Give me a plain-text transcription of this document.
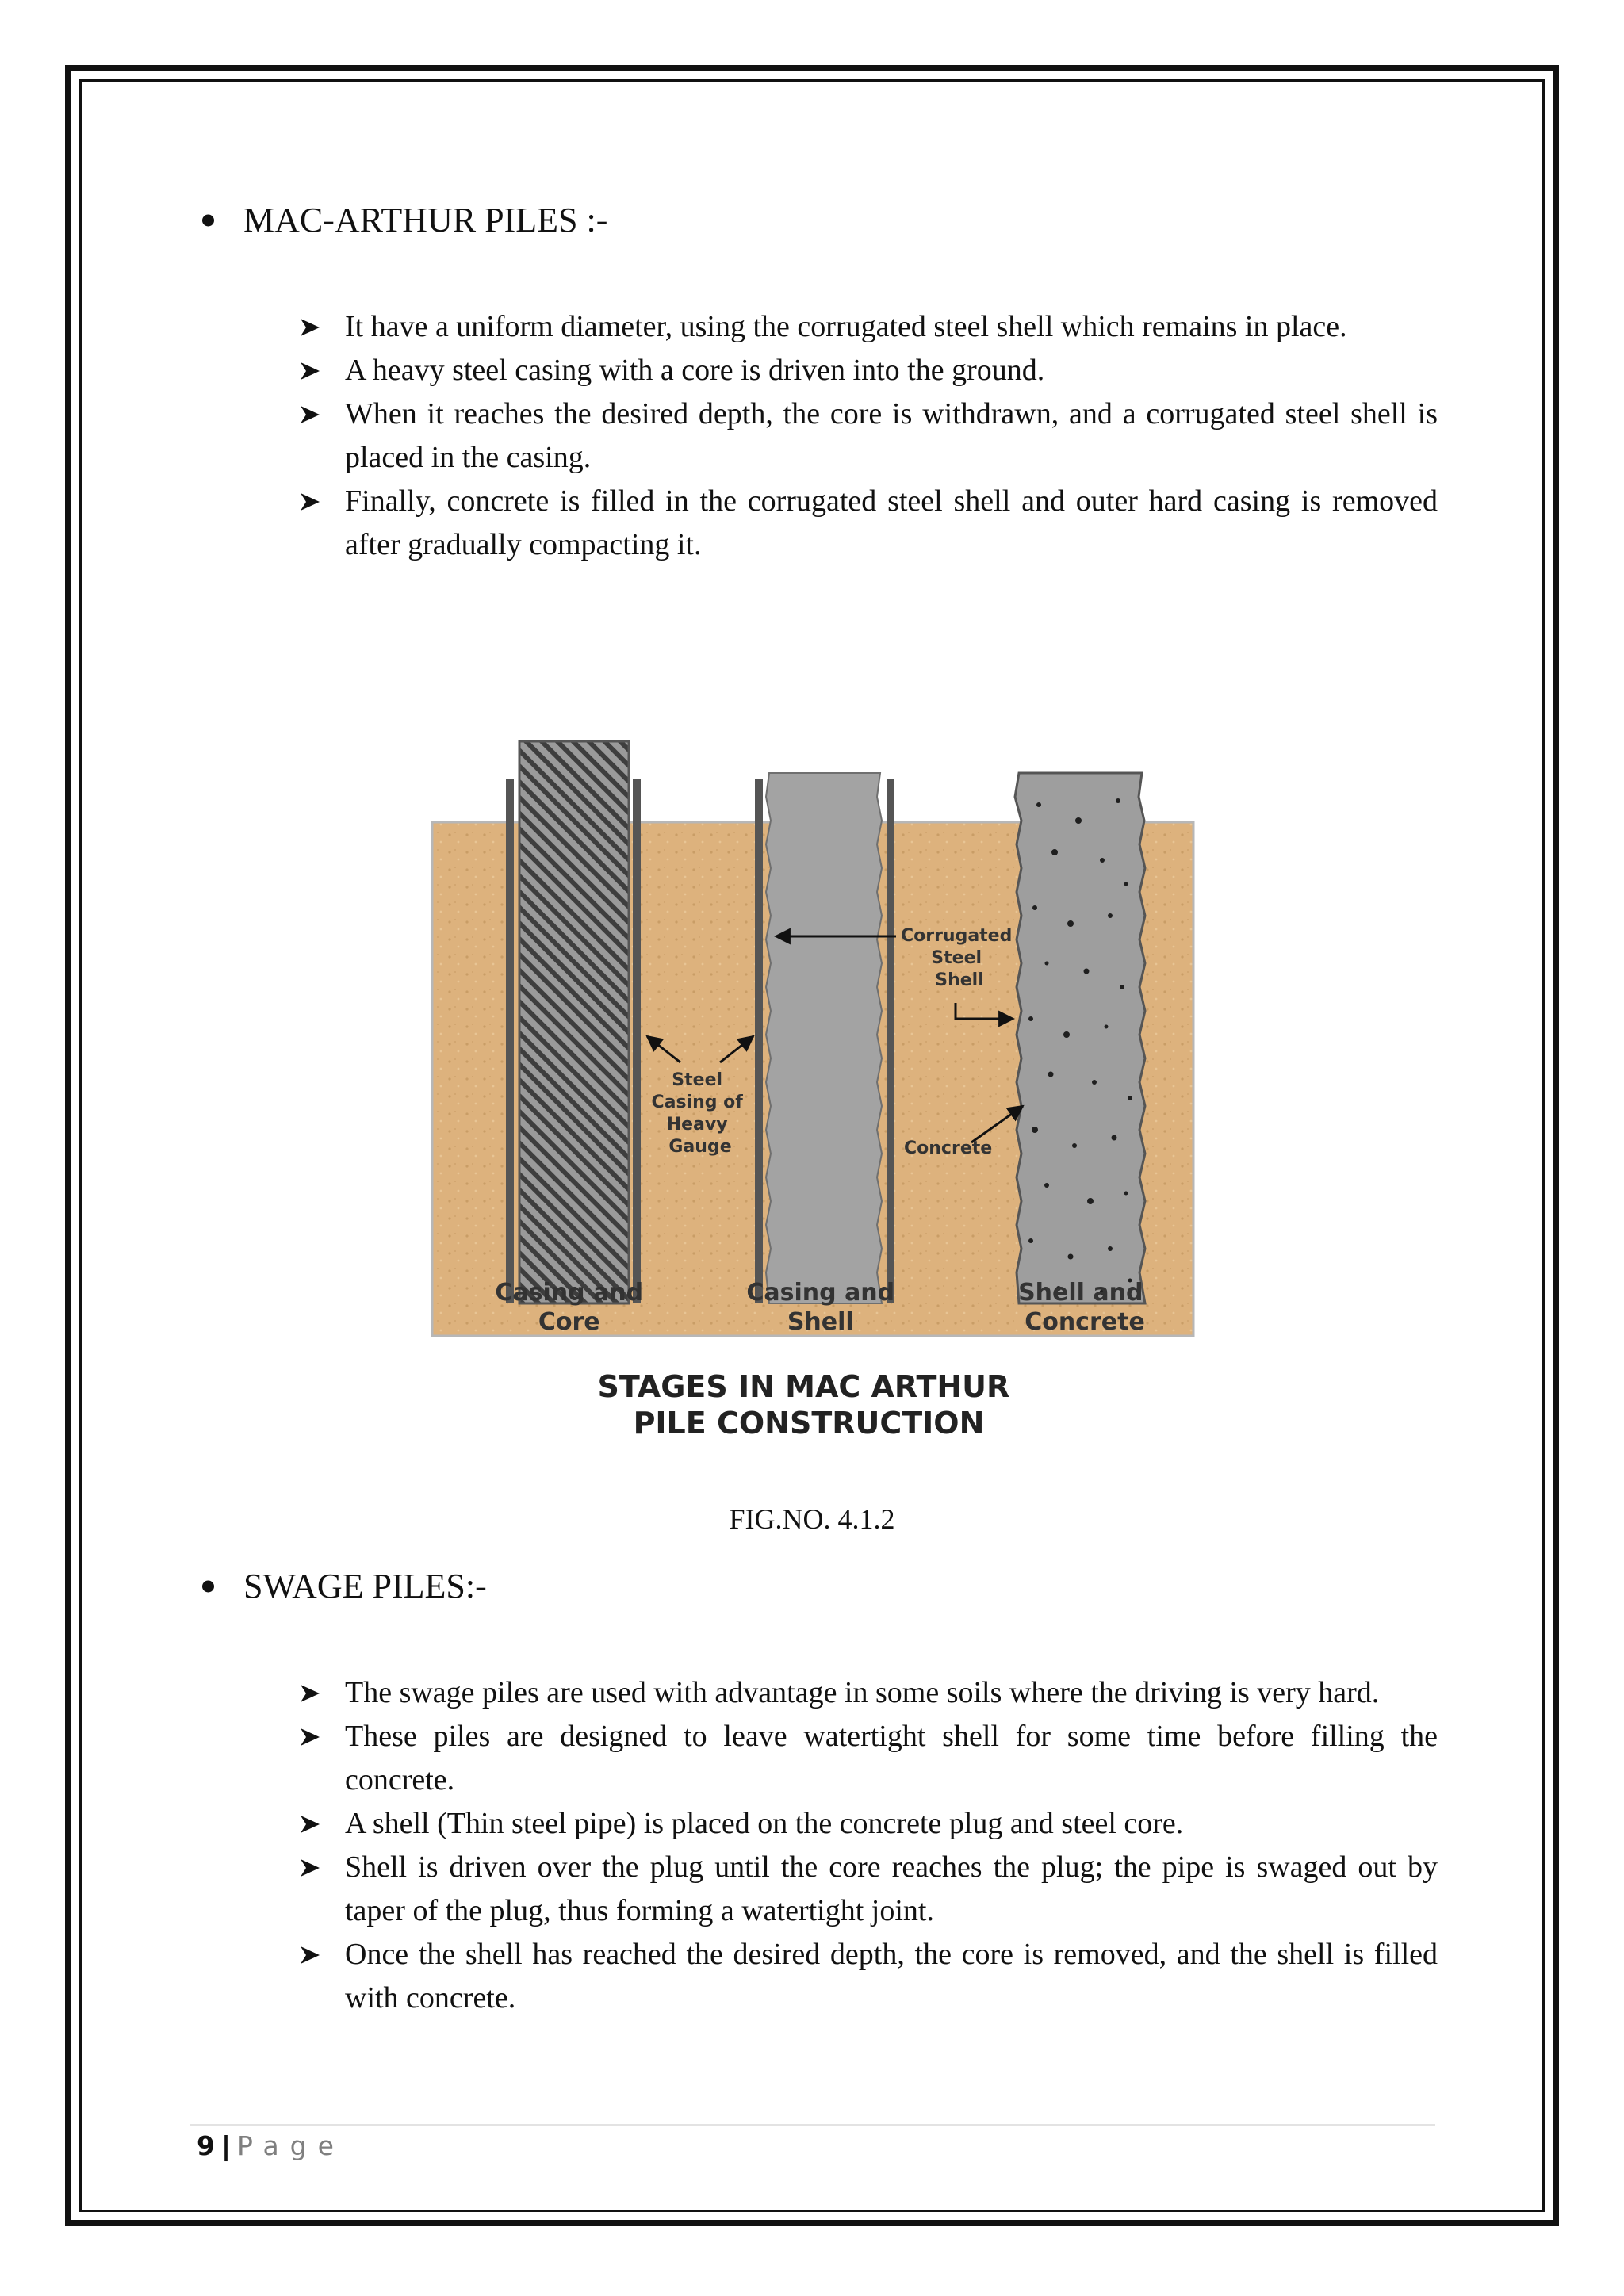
MAC-ARTHUR PILES :-
It have a uniform diameter, using the corrugated steel shell which remains in place.
A heavy steel casing with a core is driven into the ground.
When it reaches the desired depth, the core is withdrawn, and a corrugated steel shell is placed in the casing.
Finally, concrete is filled in the corrugated steel shell and outer hard casing is removed after gradually compacting it.
Corrugated Steel Shell
Steel Casing of Heavy Gauge	Concrete
Casing and Core Casing and Shell Shell and Concrete
STAGES IN MAC ARTHUR PILE CONSTRUCTION
FIG.NO. 4.1.2
SWAGE PILES:-
The swage piles are used with advantage in some soils where the driving is very hard.
These piles are designed to leave watertight shell for some time before filling the concrete.
A shell (Thin steel pipe) is placed on the concrete plug and steel core.
Shell is driven over the plug until the core reaches the plug; the pipe is swaged out by taper of the plug, thus forming a watertight joint.
Once the shell has reached the desired depth, the core is removed, and the shell is filled with concrete.
9 | Page
